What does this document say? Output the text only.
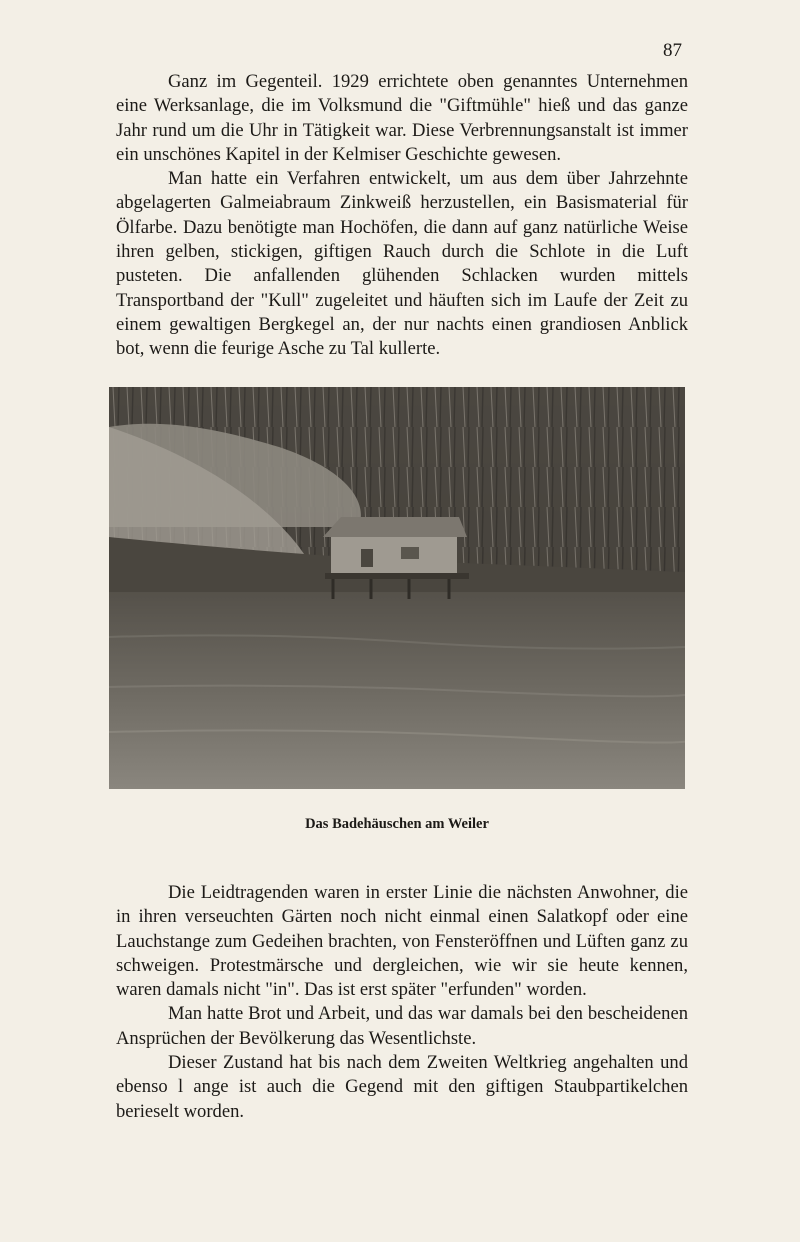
87

Ganz im Gegenteil. 1929 errichtete oben genanntes Unternehmen eine Werksanlage, die im Volksmund die "Giftmühle" hieß und das ganze Jahr rund um die Uhr in Tätigkeit war. Diese Verbrennungsanstalt ist immer ein unschönes Kapitel in der Kelmiser Geschichte gewesen.

Man hatte ein Verfahren entwickelt, um aus dem über Jahrzehnte abgelagerten Galmeiabraum Zinkweiß herzustellen, ein Basismaterial für Ölfarbe. Dazu benötigte man Hochöfen, die dann auf ganz natürliche Weise ihren gelben, stickigen, giftigen Rauch durch die Schlote in die Luft pusteten. Die anfallenden glühenden Schlacken wurden mittels Transportband der "Kull" zugeleitet und häuften sich im Laufe der Zeit zu einem gewaltigen Bergkegel an, der nur nachts einen grandiosen Anblick bot, wenn die feurige Asche zu Tal kullerte.

Das Badehäuschen am Weiler

Die Leidtragenden waren in erster Linie die nächsten Anwohner, die in ihren verseuchten Gärten noch nicht einmal einen Salatkopf oder eine Lauchstange zum Gedeihen brachten, von Fensteröffnen und Lüften ganz zu schweigen. Protestmärsche und dergleichen, wie wir sie heute kennen, waren damals nicht "in". Das ist erst später "erfunden" worden.

Man hatte Brot und Arbeit, und das war damals bei den bescheidenen Ansprüchen der Bevölkerung das Wesentlichste.

Dieser Zustand hat bis nach dem Zweiten Weltkrieg angehalten und ebenso l ange ist auch die Gegend mit den giftigen Staubpartikelchen berieselt worden.
